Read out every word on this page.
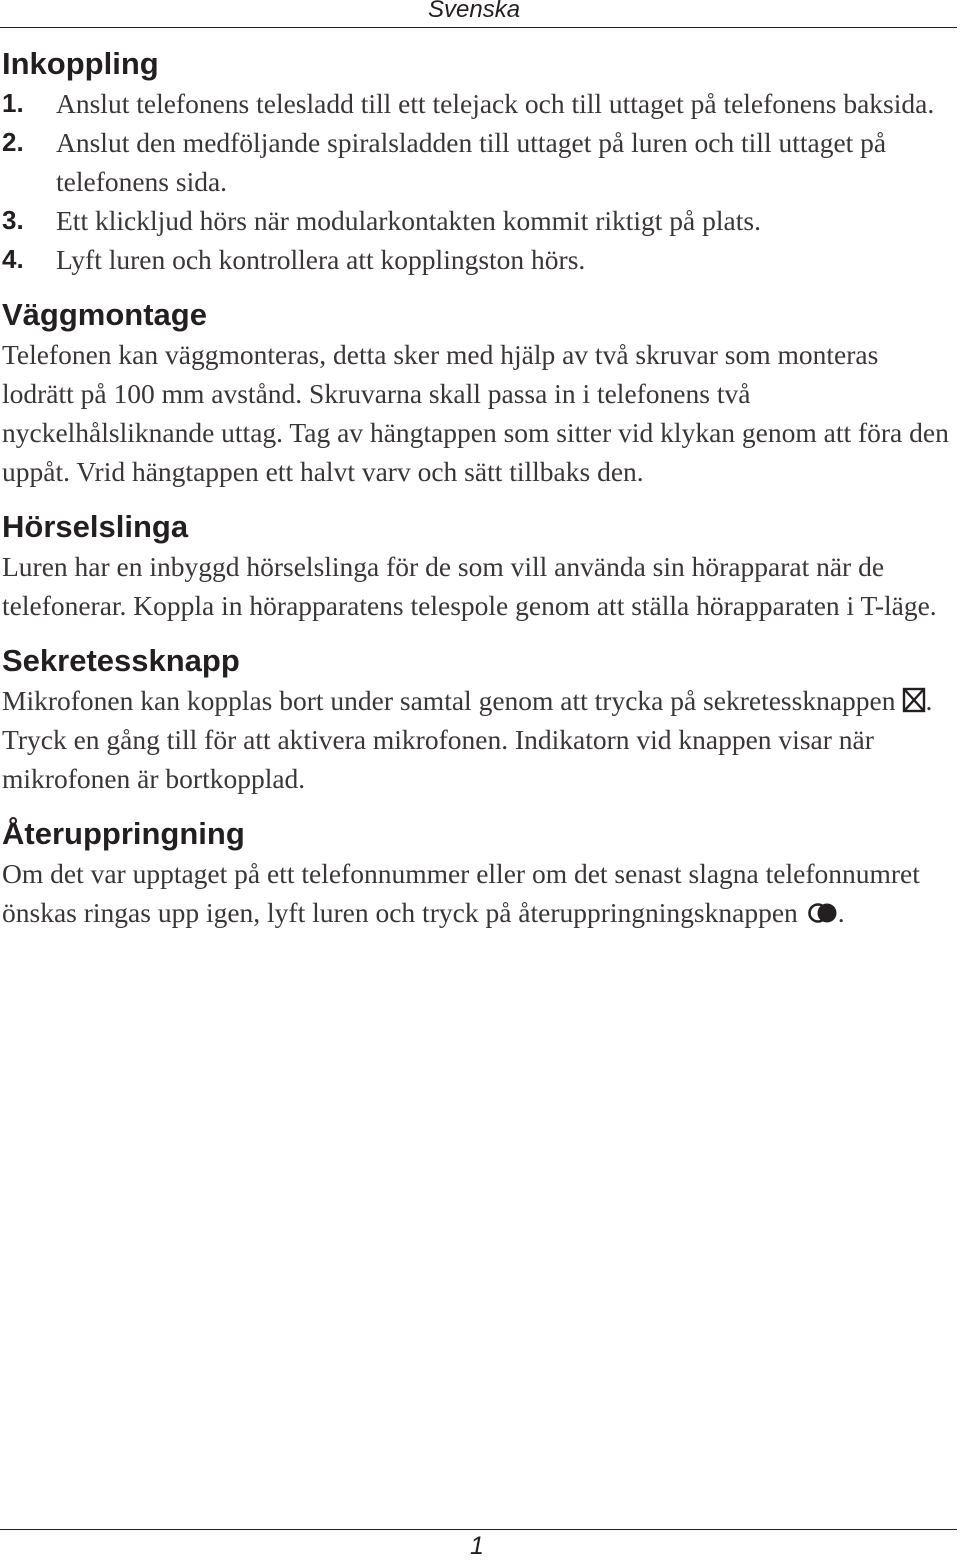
Svenska
Inkoppling
1.	Anslut telefonens telesladd till ett telejack och till uttaget på telefonens baksida.
2.	Anslut den medföljande spiralsladden till uttaget på luren och till uttaget på telefonens sida.
3.	Ett klickljud hörs när modularkontakten kommit riktigt på plats.
4.	Lyft luren och kontrollera att kopplingston hörs.
Väggmontage

Telefonen kan väggmonteras, detta sker med hjälp av två skruvar som monteras lodrätt på 100 mm avstånd. Skruvarna skall passa in i telefonens två nyckelhålsliknande uttag. Tag av hängtappen som sitter vid klykan genom att föra den uppåt. Vrid hängtappen ett halvt varv och sätt tillbaks den.

Hörselslinga

Luren har en inbyggd hörselslinga för de som vill använda sin hörapparat när de telefonerar. Koppla in hörapparatens telespole genom att ställa hörapparaten i T-läge.

Sekretessknapp

Mikrofonen kan kopplas bort under samtal genom att trycka på sekretessknappen . Tryck en gång till för att aktivera mikrofonen. Indikatorn vid knappen visar när mikrofonen är bortkopplad.

Återuppringning

Om det var upptaget på ett telefonnummer eller om det senast slagna telefonnumret önskas ringas upp igen, lyft luren och tryck på återuppringningsknappen .

1
